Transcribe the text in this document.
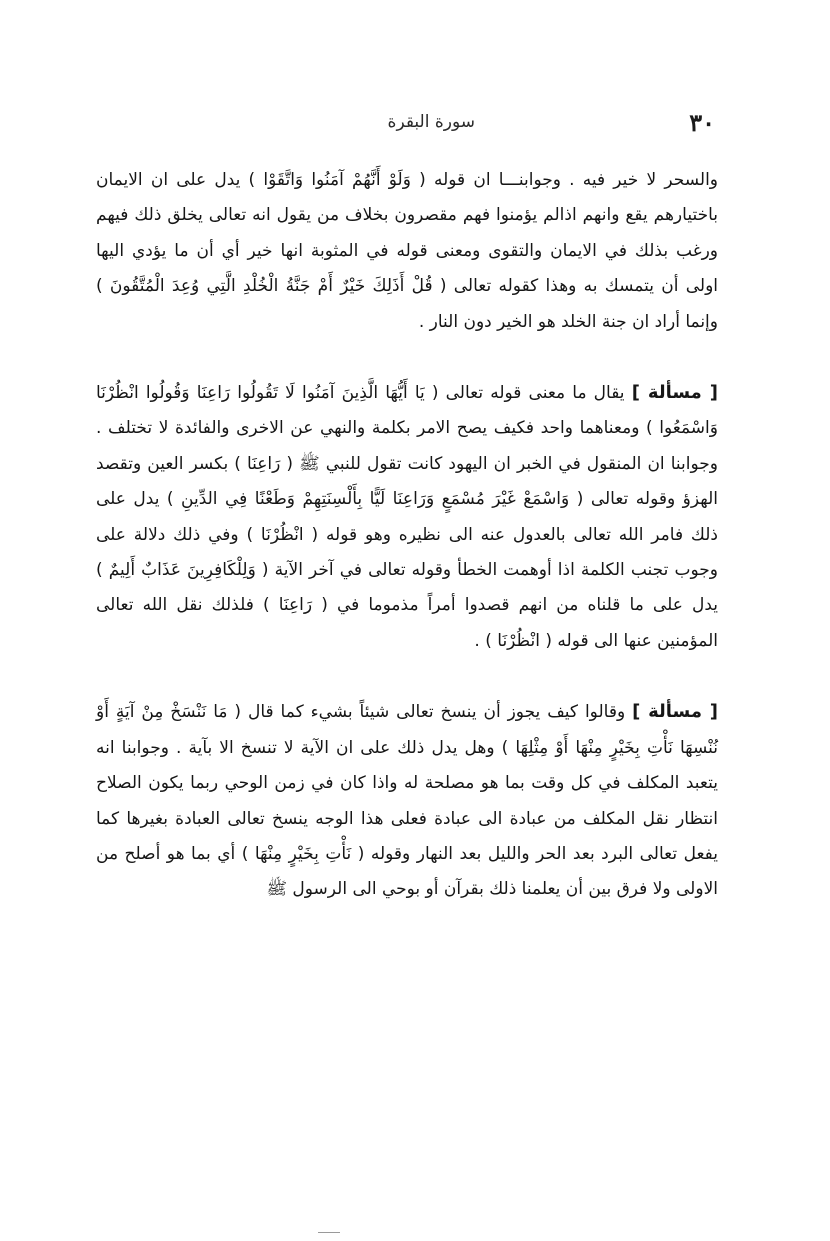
٣٠
سورة البقرة

والسحر لا خير فيه . وجوابنـــا ان قوله ( وَلَوْ أَنَّهُمْ آمَنُوا وَاتَّقَوْا ) يدل على ان الايمان باختيارهم يقع وانهم اذالم يؤمنوا فهم مقصرون بخلاف من يقول انه تعالى يخلق ذلك فيهم ورغب بذلك في الايمان والتقوى ومعنى قوله في المثوبة انها خير أي أن ما يؤدي اليها اولى أن يتمسك به وهذا كقوله تعالى ( قُلْ أَذَلِكَ خَيْرٌ أَمْ جَنَّةُ الْخُلْدِ الَّتِي وُعِدَ الْمُتَّقُونَ ) وإنما أراد ان جنة الخلد هو الخير دون النار .

[ مسألة ] يقال ما معنى قوله تعالى ( يَا أَيُّهَا الَّذِينَ آمَنُوا لَا تَقُولُوا رَاعِنَا وَقُولُوا انْظُرْنَا وَاسْمَعُوا ) ومعناهما واحد فكيف يصح الامر بكلمة والنهي عن الاخرى والفائدة لا تختلف . وجوابنا ان المنقول في الخبر ان اليهود كانت تقول للنبي ﷺ ( رَاعِنَا ) بكسر العين وتقصد الهزؤ وقوله تعالى ( وَاسْمَعْ غَيْرَ مُسْمَعٍ وَرَاعِنَا لَيًّا بِأَلْسِنَتِهِمْ وَطَعْنًا فِي الدِّينِ ) يدل على ذلك فامر الله تعالى بالعدول عنه الى نظيره وهو قوله ( انْظُرْنَا ) وفي ذلك دلالة على وجوب تجنب الكلمة اذا أوهمت الخطأ وقوله تعالى في آخر الآية ( وَلِلْكَافِرِينَ عَذَابٌ أَلِيمٌ ) يدل على ما قلناه من انهم قصدوا أمراً مذموما في ( رَاعِنَا ) فلذلك نقل الله تعالى المؤمنين عنها الى قوله ( انْظُرْنَا ) .

[ مسألة ] وقالوا كيف يجوز أن ينسخ تعالى شيئاً بشيء كما قال ( مَا نَنْسَخْ مِنْ آيَةٍ أَوْ نُنْسِهَا نَأْتِ بِخَيْرٍ مِنْهَا أَوْ مِثْلِهَا ) وهل يدل ذلك على ان الآية لا تنسخ الا بآية . وجوابنا انه يتعبد المكلف في كل وقت بما هو مصلحة له واذا كان في زمن الوحي ربما يكون الصلاح انتظار نقل المكلف من عبادة الى عبادة فعلى هذا الوجه ينسخ تعالى العبادة بغيرها كما يفعل تعالى البرد بعد الحر والليل بعد النهار وقوله ( نَأْتِ بِخَيْرٍ مِنْهَا ) أي بما هو أصلح من الاولى ولا فرق بين أن يعلمنا ذلك بقرآن أو بوحي الى الرسول ﷺ
